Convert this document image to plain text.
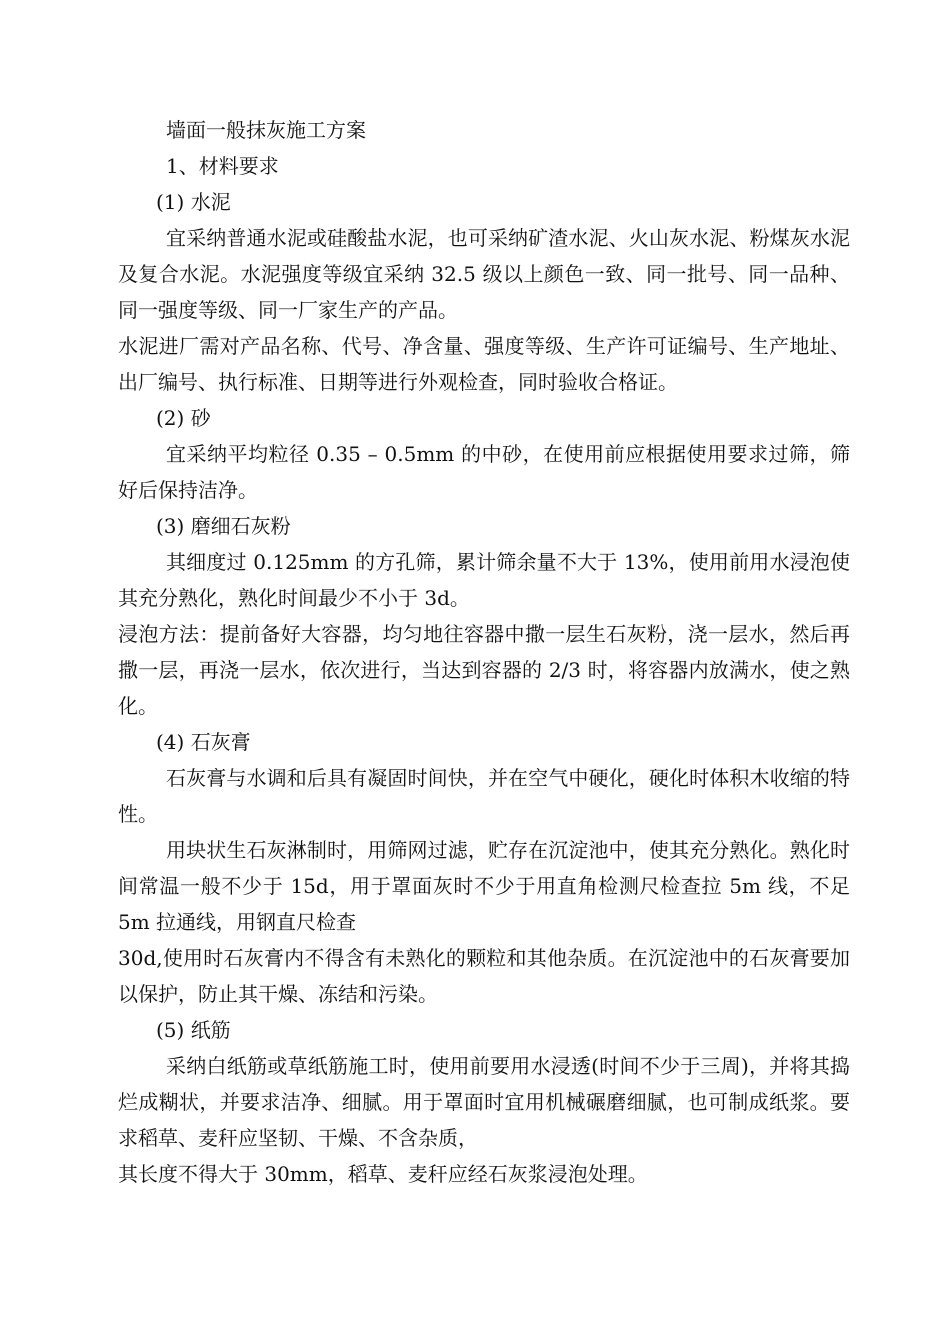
墙面一般抹灰施工方案
1、材料要求
(1) 水泥

宜采纳普通水泥或硅酸盐水泥，也可采纳矿渣水泥、火山灰水泥、粉煤灰水泥及复合水泥。水泥强度等级宜采纳 32.5 级以上颜色一致、同一批号、同一品种、同一强度等级、同一厂家生产的产品。

水泥进厂需对产品名称、代号、净含量、强度等级、生产许可证编号、生产地址、出厂编号、执行标准、日期等进行外观检查，同时验收合格证。

(2) 砂

宜采纳平均粒径 0.35 – 0.5mm 的中砂，在使用前应根据使用要求过筛，筛好后保持洁净。

(3) 磨细石灰粉

其细度过 0.125mm 的方孔筛，累计筛余量不大于 13%，使用前用水浸泡使其充分熟化，熟化时间最少不小于 3d。

浸泡方法：提前备好大容器，均匀地往容器中撒一层生石灰粉，浇一层水，然后再撒一层，再浇一层水，依次进行，当达到容器的 2/3 时，将容器内放满水，使之熟化。

(4) 石灰膏

石灰膏与水调和后具有凝固时间快，并在空气中硬化，硬化时体积木收缩的特性。

用块状生石灰淋制时，用筛网过滤，贮存在沉淀池中，使其充分熟化。熟化时间常温一般不少于 15d，用于罩面灰时不少于用直角检测尺检查拉 5m 线，不足 5m 拉通线，用钢直尺检查

30d,使用时石灰膏内不得含有未熟化的颗粒和其他杂质。在沉淀池中的石灰膏要加以保护，防止其干燥、冻结和污染。

(5) 纸筋

采纳白纸筋或草纸筋施工时，使用前要用水浸透(时间不少于三周)，并将其捣烂成糊状，并要求洁净、细腻。用于罩面时宜用机械碾磨细腻，也可制成纸浆。要求稻草、麦秆应坚韧、干燥、不含杂质，

其长度不得大于 30mm，稻草、麦秆应经石灰浆浸泡处理。
